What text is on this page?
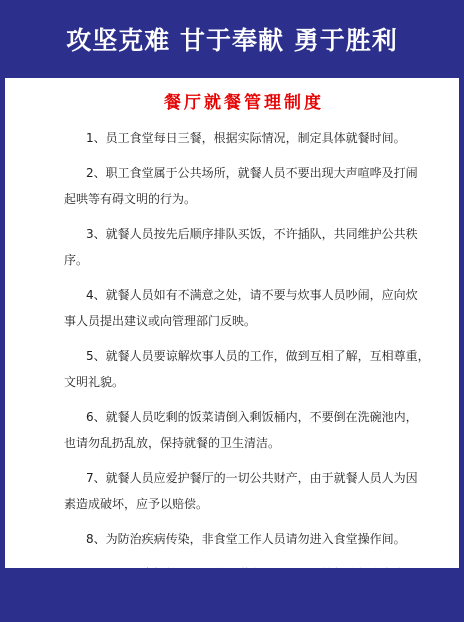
攻坚克难 甘于奉献 勇于胜利
餐厅就餐管理制度
1、员工食堂每日三餐，根据实际情况，制定具体就餐时间。
2、职工食堂属于公共场所，就餐人员不要出现大声喧哗及打闹
起哄等有碍文明的行为。
3、就餐人员按先后顺序排队买饭，不许插队，共同维护公共秩
序。
4、就餐人员如有不满意之处，请不要与炊事人员吵闹，应向炊
事人员提出建议或向管理部门反映。
5、就餐人员要谅解炊事人员的工作，做到互相了解，互相尊重，
文明礼貌。
6、就餐人员吃剩的饭菜请倒入剩饭桶内，不要倒在洗碗池内，
也请勿乱扔乱放，保持就餐的卫生清洁。
7、就餐人员应爱护餐厅的一切公共财产，由于就餐人员人为因
素造成破坏，应予以赔偿。
8、为防治疾病传染，非食堂工作人员请勿进入食堂操作间。
